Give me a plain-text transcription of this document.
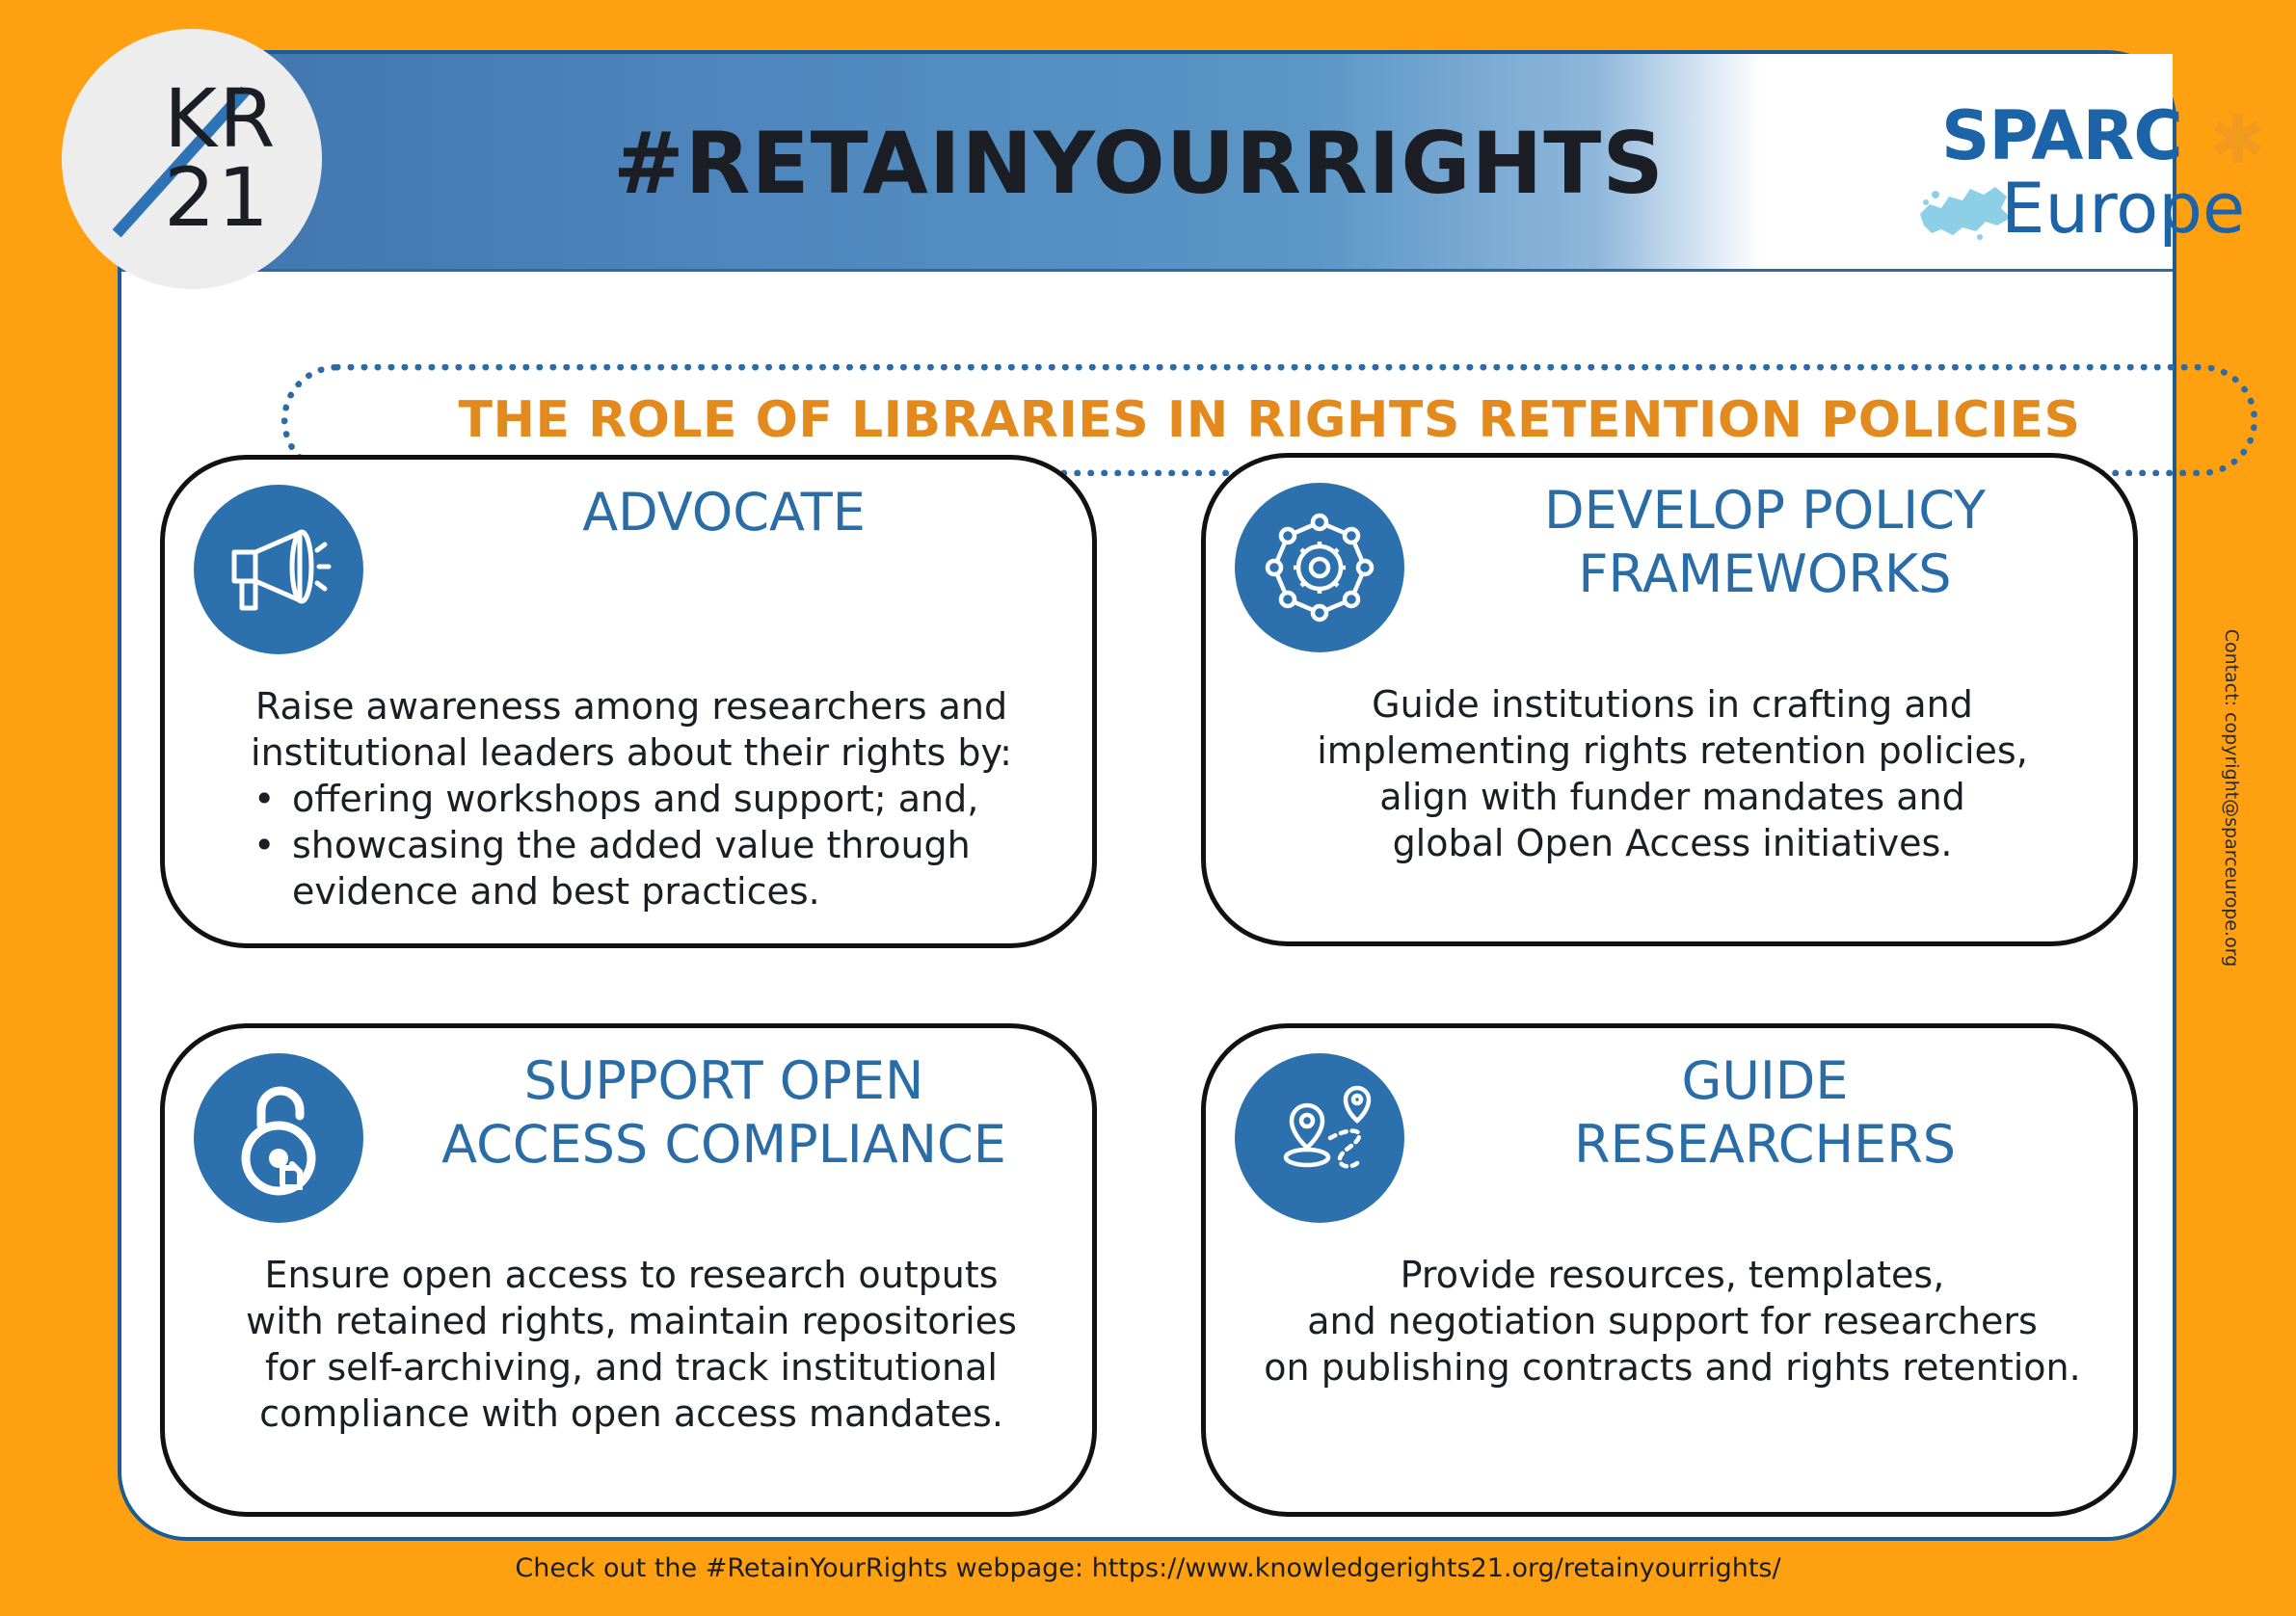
#RETAINYOURRIGHTS	SPARC ✱
Europe
THE ROLE OF LIBRARIES IN RIGHTS RETENTION POLICIES
ADVOCATE
Raise awareness among researchers and
institutional leaders about their rights by:
• offering workshops and support; and,
• showcasing the added value through
evidence and best practices.
DEVELOP POLICY
FRAMEWORKS
Guide institutions in crafting and
implementing rights retention policies,
align with funder mandates and
global Open Access initiatives.
SUPPORT OPEN
ACCESS COMPLIANCE
Ensure open access to research outputs
with retained rights, maintain repositories
for self-archiving, and track institutional
compliance with open access mandates.
GUIDE
RESEARCHERS
Provide resources, templates,
and negotiation support for researchers
on publishing contracts and rights retention.
KR
21
Contact: copyright@sparceurope.org
Check out the #RetainYourRights webpage: https://www.knowledgerights21.org/retainyourrights/
